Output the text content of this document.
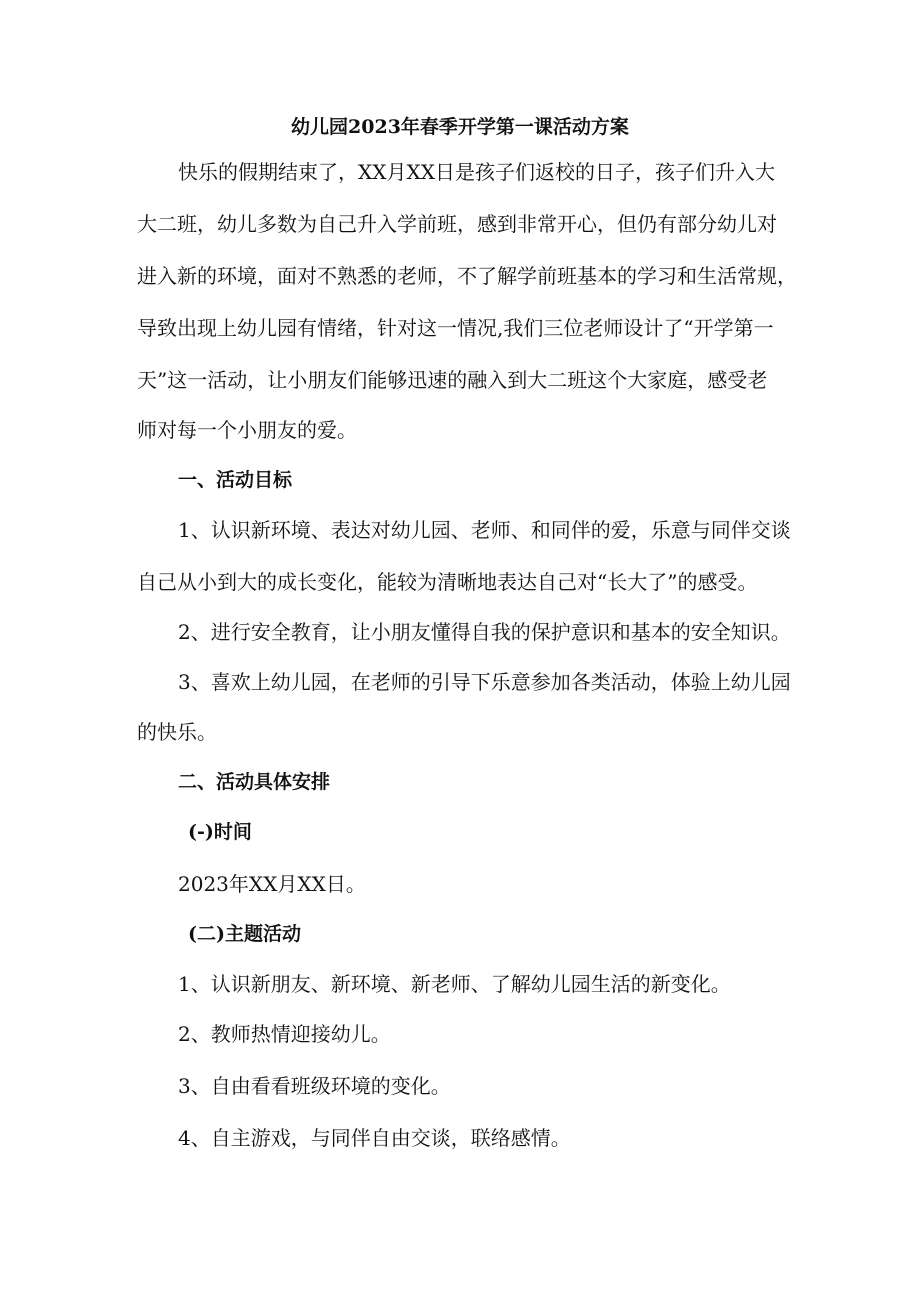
幼儿园2023年春季开学第一课活动方案
快乐的假期结束了，XX月XX日是孩子们返校的日子，孩子们升入大
大二班，幼儿多数为自己升入学前班，感到非常开心，但仍有部分幼儿对
进入新的环境，面对不熟悉的老师，不了解学前班基本的学习和生活常规，
导致出现上幼儿园有情绪，针对这一情况,我们三位老师设计了“开学第一
天”这一活动，让小朋友们能够迅速的融入到大二班这个大家庭，感受老
师对每一个小朋友的爱。
一、活动目标
1、认识新环境、表达对幼儿园、老师、和同伴的爱，乐意与同伴交谈
自己从小到大的成长变化，能较为清晰地表达自己对“长大了”的感受。
2、进行安全教育，让小朋友懂得自我的保护意识和基本的安全知识。
3、喜欢上幼儿园，在老师的引导下乐意参加各类活动，体验上幼儿园
的快乐。
二、活动具体安排
(-)时间
2023年XX月XX日。
(二)主题活动
1、认识新朋友、新环境、新老师、了解幼儿园生活的新变化。
2、教师热情迎接幼儿。
3、自由看看班级环境的变化。
4、自主游戏，与同伴自由交谈，联络感情。
